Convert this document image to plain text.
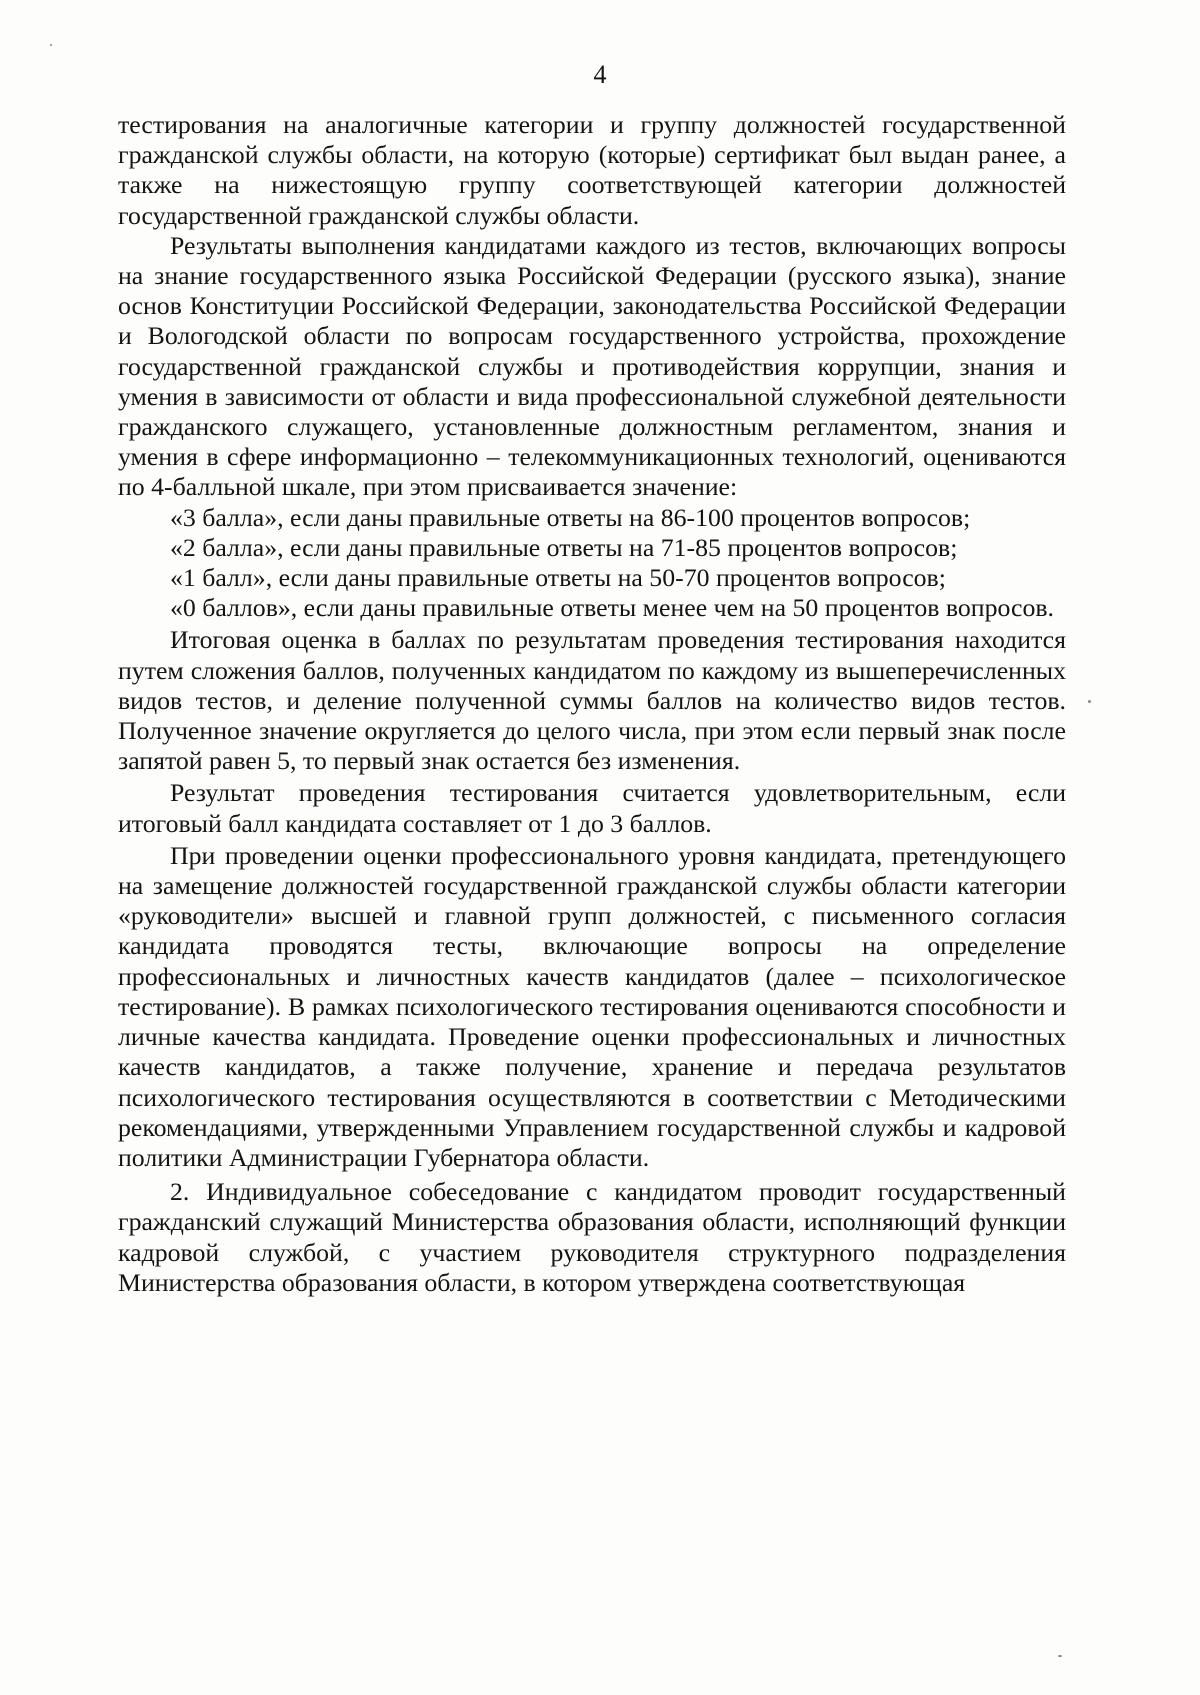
4

тестирования на аналогичные категории и группу должностей государственной гражданской службы области, на которую (которые) сертификат был выдан ранее, а также на нижестоящую группу соответствующей категории должностей государственной гражданской службы области.

Результаты выполнения кандидатами каждого из тестов, включающих вопросы на знание государственного языка Российской Федерации (русского языка), знание основ Конституции Российской Федерации, законодательства Российской Федерации и Вологодской области по вопросам государственного устройства, прохождение государственной гражданской службы и противодействия коррупции, знания и умения в зависимости от области и вида профессиональной служебной деятельности гражданского служащего, установленные должностным регламентом, знания и умения в сфере информационно – телекоммуникационных технологий, оцениваются по 4-балльной шкале, при этом присваивается значение:

«3 балла», если даны правильные ответы на 86-100 процентов вопросов;

«2 балла», если даны правильные ответы на 71-85 процентов вопросов;

«1 балл», если даны правильные ответы на 50-70 процентов вопросов;

«0 баллов», если даны правильные ответы менее чем на 50 процентов вопросов.

Итоговая оценка в баллах по результатам проведения тестирования находится путем сложения баллов, полученных кандидатом по каждому из вышеперечисленных видов тестов, и деление полученной суммы баллов на количество видов тестов. Полученное значение округляется до целого числа, при этом если первый знак после запятой равен 5, то первый знак остается без изменения.

Результат проведения тестирования считается удовлетворительным, если итоговый балл кандидата составляет от 1 до 3 баллов.

При проведении оценки профессионального уровня кандидата, претендующего на замещение должностей государственной гражданской службы области категории «руководители» высшей и главной групп должностей, с письменного согласия кандидата проводятся тесты, включающие вопросы на определение профессиональных и личностных качеств кандидатов (далее – психологическое тестирование). В рамках психологического тестирования оцениваются способности и личные качества кандидата. Проведение оценки профессиональных и личностных качеств кандидатов, а также получение, хранение и передача результатов психологического тестирования осуществляются в соответствии с Методическими рекомендациями, утвержденными Управлением государственной службы и кадровой политики Администрации Губернатора области.

2. Индивидуальное собеседование с кандидатом проводит государственный гражданский служащий Министерства образования области, исполняющий функции кадровой службой, с участием руководителя структурного подразделения Министерства образования области, в котором утверждена соответствующая
